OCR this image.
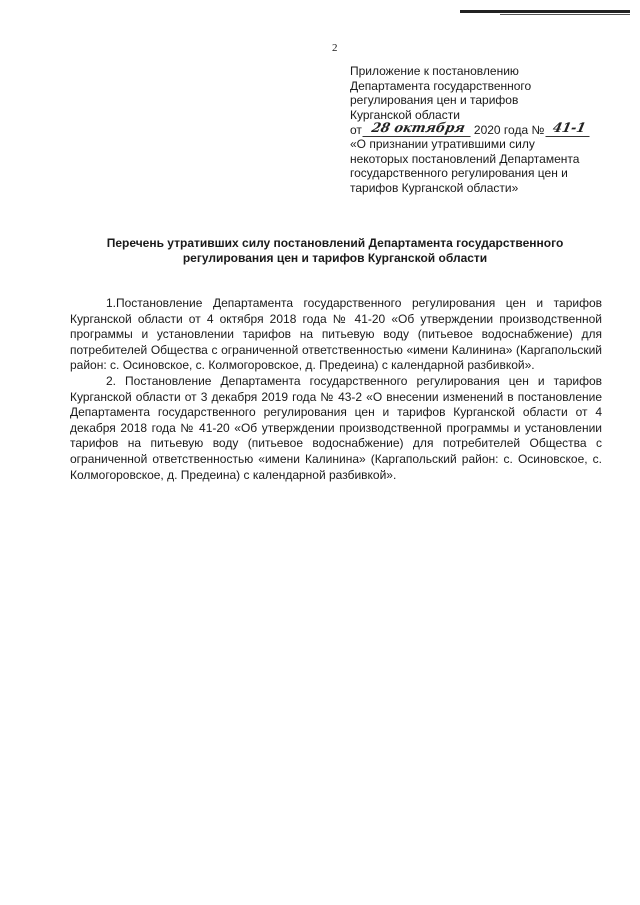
2
Приложение к постановлению
Департамента государственного
регулирования цен и тарифов
Курганской области
от 28 октября 2020 года № 41-1
«О признании утратившими силу
некоторых постановлений Департамента
государственного регулирования цен и
тарифов Курганской области»
Перечень утративших силу постановлений Департамента государственного
регулирования цен и тарифов Курганской области

1.Постановление Департамента государственного регулирования цен и тарифов Курганской области от 4 октября 2018 года № 41-20 «Об утверждении производственной программы и установлении тарифов на питьевую воду (питьевое водоснабжение) для потребителей Общества с ограниченной ответственностью «имени Калинина» (Каргапольский район: с. Осиновское, с. Колмогоровское, д. Предеина) с календарной разбивкой».

2. Постановление Департамента государственного регулирования цен и тарифов Курганской области от 3 декабря 2019 года № 43-2 «О внесении изменений в постановление Департамента государственного регулирования цен и тарифов Курганской области от 4 декабря 2018 года № 41-20 «Об утверждении производственной программы и установлении тарифов на питьевую воду (питьевое водоснабжение) для потребителей Общества с ограниченной ответственностью «имени Калинина» (Каргапольский район: с. Осиновское, с. Колмогоровское, д. Предеина) с календарной разбивкой».
